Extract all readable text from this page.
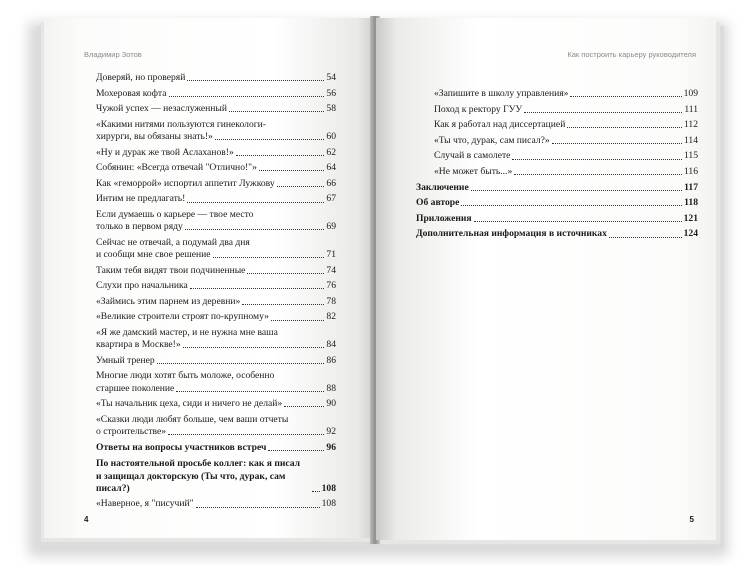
Владимир Зотов
Доверяй, но проверяй	54
Мохеровая кофта	56
Чужой успех — незаслуженный	58
«Какими нитями пользуются гинекологи-
хирурги, вы обязаны знать!»	60
«Ну и дурак же твой Аслаханов!»	62
Собянин: «Всегда отвечай "Отлично!"»	64
Как «геморрой» испортил аппетит Лужкову	66
Интим не предлагать!	67
Если думаешь о карьере — твое место
только в первом ряду	69
Сейчас не отвечай, а подумай два дня
и сообщи мне свое решение	71
Таким тебя видят твои подчиненные	74
Слухи про начальника	76
«Займись этим парнем из деревни»	78
«Великие строители строят по-крупному»	82
«Я же дамский мастер, и не нужна мне ваша
квартира в Москве!»	84
Умный тренер	86
Многие люди хотят быть моложе, особенно
старшее поколение	88
«Ты начальник цеха, сиди и ничего не делай»	90
«Сказки люди любят больше, чем ваши отчеты
о строительстве»	92
Ответы на вопросы участников встреч	96
По настоятельной просьбе коллег: как я писал
и защищал докторскую (Ты что, дурак, сам писал?)	108
«Наверное, я "писучий"	108
4
Как построить карьеру руководителя
«Запишите в школу управления»	109
Поход к ректору ГУУ	111
Как я работал над диссертацией	112
«Ты что, дурак, сам писал?»	114
Случай в самолете	115
«Не может быть...»	116
Заключение	117
Об авторе	118
Приложения	121
Дополнительная информация в источниках	124
5
